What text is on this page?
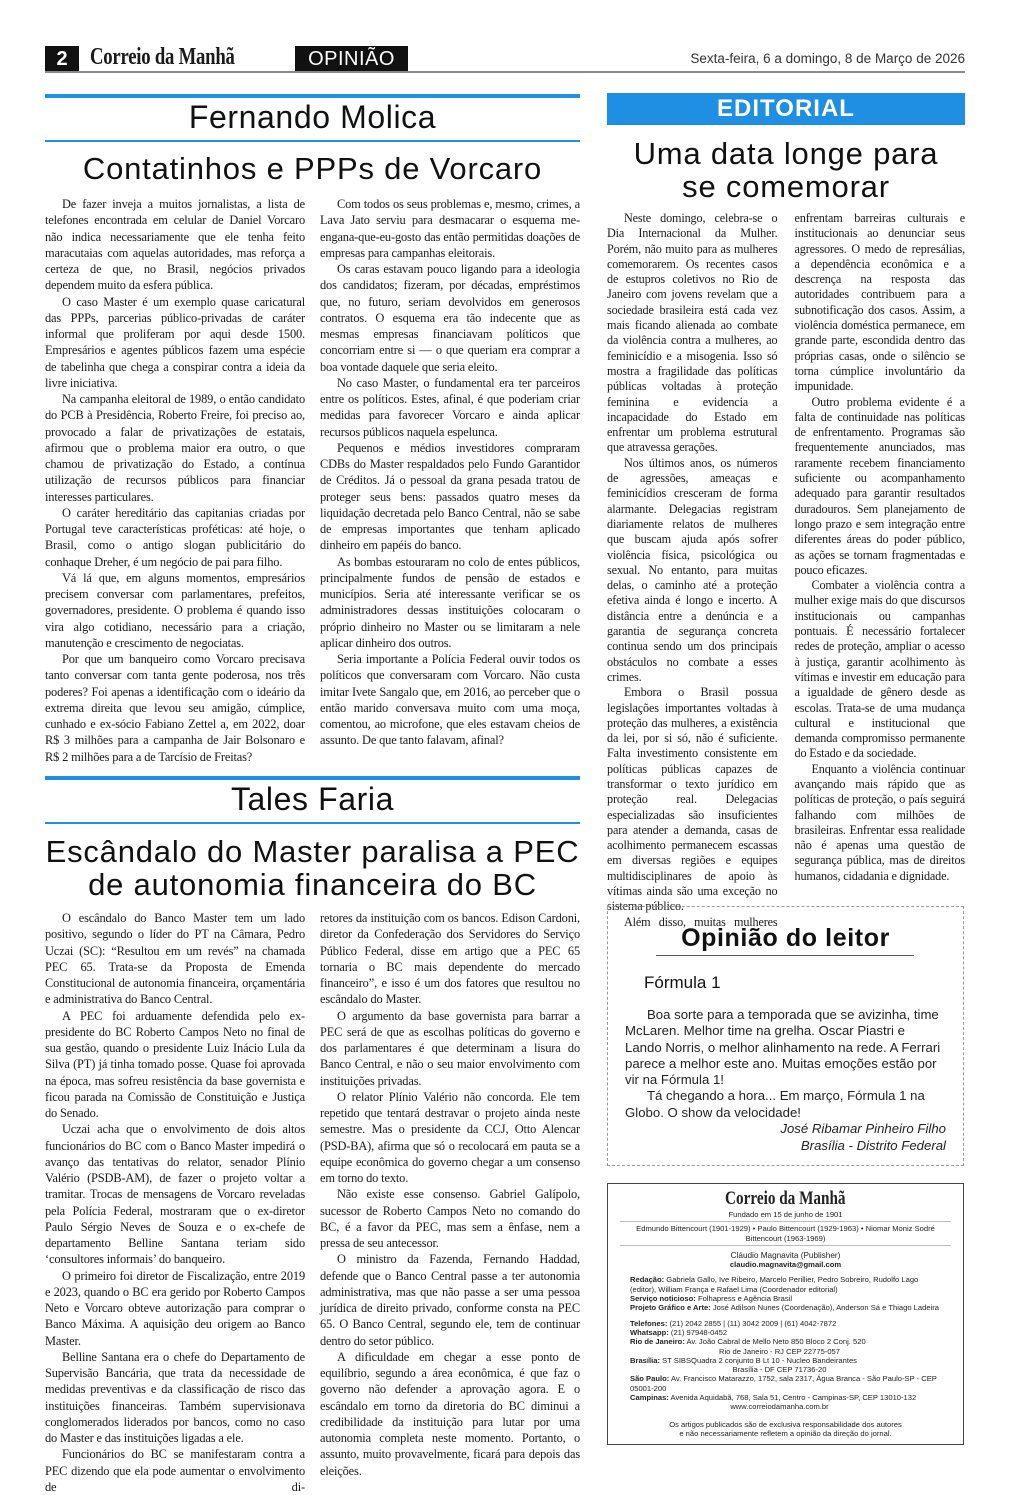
2 Correio da Manhã	OPINIÃO	Sexta-feira, 6 a domingo, 8 de Março de 2026
Fernando Molica
Contatinhos e PPPs de Vorcaro

De fazer inveja a muitos jornalistas, a lista de telefones encontrada em celular de Daniel Vorcaro não indica necessariamente que ele tenha feito maracutaias com aquelas autoridades, mas reforça a certeza de que, no Brasil, negócios privados dependem muito da esfera pública.

O caso Master é um exemplo quase caricatural das PPPs, parcerias público-privadas de caráter informal que proliferam por aqui desde 1500. Empresários e agentes públicos fazem uma espécie de tabelinha que chega a conspirar contra a ideia da livre iniciativa.

Na campanha eleitoral de 1989, o então candidato do PCB à Presidência, Roberto Freire, foi preciso ao, provocado a falar de privatizações de estatais, afirmou que o problema maior era outro, o que chamou de privatização do Estado, a contínua utilização de recursos públicos para financiar interesses particulares.

O caráter hereditário das capitanias criadas por Portugal teve características proféticas: até hoje, o Brasil, como o antigo slogan publicitário do conhaque Dreher, é um negócio de pai para filho.

Vá lá que, em alguns momentos, empresários precisem conversar com parlamentares, prefeitos, governadores, presidente. O problema é quando isso vira algo cotidiano, necessário para a criação, manutenção e crescimento de negociatas.

Por que um banqueiro como Vorcaro precisava tanto conversar com tanta gente poderosa, nos três poderes? Foi apenas a identificação com o ideário da extrema direita que levou seu amigão, cúmplice, cunhado e ex-sócio Fabiano Zettel a, em 2022, doar R$ 3 milhões para a campanha de Jair Bolsonaro e R$ 2 milhões para a de Tarcísio de Freitas?

Com todos os seus problemas e, mesmo, crimes, a Lava Jato serviu para desmacarar o esquema me-engana-que-eu-gosto das então permitidas doações de empresas para campanhas eleitorais.

Os caras estavam pouco ligando para a ideologia dos candidatos; fizeram, por décadas, empréstimos que, no futuro, seriam devolvidos em generosos contratos. O esquema era tão indecente que as mesmas empresas financiavam políticos que concorriam entre si — o que queriam era comprar a boa vontade daquele que seria eleito.

No caso Master, o fundamental era ter parceiros entre os políticos. Estes, afinal, é que poderiam criar medidas para favorecer Vorcaro e ainda aplicar recursos públicos naquela espelunca.

Pequenos e médios investidores compraram CDBs do Master respaldados pelo Fundo Garantidor de Créditos. Já o pessoal da grana pesada tratou de proteger seus bens: passados quatro meses da liquidação decretada pelo Banco Central, não se sabe de empresas importantes que tenham aplicado dinheiro em papéis do banco.

As bombas estouraram no colo de entes públicos, principalmente fundos de pensão de estados e municípios. Seria até interessante verificar se os administradores dessas instituições colocaram o próprio dinheiro no Master ou se limitaram a nele aplicar dinheiro dos outros.

Seria importante a Polícia Federal ouvir todos os políticos que conversaram com Vorcaro. Não custa imitar Ivete Sangalo que, em 2016, ao perceber que o então marido conversava muito com uma moça, comentou, ao microfone, que eles estavam cheios de assunto. De que tanto falavam, afinal?

EDITORIAL
Uma data longe para
se comemorar

Neste domingo, celebra-se o Dia Internacional da Mulher. Porém, não muito para as mulheres comemorarem. Os recentes casos de estupros coletivos no Rio de Janeiro com jovens revelam que a sociedade brasileira está cada vez mais ficando alienada ao combate da violência contra a mulheres, ao feminicídio e a misogenia. Isso só mostra a fragilidade das políticas públicas voltadas à proteção feminina e evidencia a incapacidade do Estado em enfrentar um problema estrutural que atravessa gerações.

Nos últimos anos, os números de agressões, ameaças e feminicídios cresceram de forma alarmante. Delegacias registram diariamente relatos de mulheres que buscam ajuda após sofrer violência física, psicológica ou sexual. No entanto, para muitas delas, o caminho até a proteção efetiva ainda é longo e incerto. A distância entre a denúncia e a garantia de segurança concreta continua sendo um dos principais obstáculos no combate a esses crimes.

Embora o Brasil possua legislações importantes voltadas à proteção das mulheres, a existência da lei, por si só, não é suficiente. Falta investimento consistente em políticas públicas capazes de transformar o texto jurídico em proteção real. Delegacias especializadas são insuficientes para atender a demanda, casas de acolhimento permanecem escassas em diversas regiões e equipes multidisciplinares de apoio às vítimas ainda são uma exceção no sistema público.

Além disso, muitas mulheres

enfrentam barreiras culturais e institucionais ao denunciar seus agressores. O medo de represálias, a dependência econômica e a descrença na resposta das autoridades contribuem para a subnotificação dos casos. Assim, a violência doméstica permanece, em grande parte, escondida dentro das próprias casas, onde o silêncio se torna cúmplice involuntário da impunidade.

Outro problema evidente é a falta de continuidade nas políticas de enfrentamento. Programas são frequentemente anunciados, mas raramente recebem financiamento suficiente ou acompanhamento adequado para garantir resultados duradouros. Sem planejamento de longo prazo e sem integração entre diferentes áreas do poder público, as ações se tornam fragmentadas e pouco eficazes.

Combater a violência contra a mulher exige mais do que discursos institucionais ou campanhas pontuais. É necessário fortalecer redes de proteção, ampliar o acesso à justiça, garantir acolhimento às vítimas e investir em educação para a igualdade de gênero desde as escolas. Trata-se de uma mudança cultural e institucional que demanda compromisso permanente do Estado e da sociedade.

Enquanto a violência continuar avançando mais rápido que as políticas de proteção, o país seguirá falhando com milhões de brasileiras. Enfrentar essa realidade não é apenas uma questão de segurança pública, mas de direitos humanos, cidadania e dignidade.

Tales Faria
Escândalo do Master paralisa a PEC
de autonomia financeira do BC

O escândalo do Banco Master tem um lado positivo, segundo o líder do PT na Câmara, Pedro Uczai (SC): “Resultou em um revés” na chamada PEC 65. Trata-se da Proposta de Emenda Constitucional de autonomia financeira, orçamentária e administrativa do Banco Central.

A PEC foi arduamente defendida pelo ex-presidente do BC Roberto Campos Neto no final de sua gestão, quando o presidente Luiz Inácio Lula da Silva (PT) já tinha tomado posse. Quase foi aprovada na época, mas sofreu resistência da base governista e ficou parada na Comissão de Constituição e Justiça do Senado.

Uczai acha que o envolvimento de dois altos funcionários do BC com o Banco Master impedirá o avanço das tentativas do relator, senador Plínio Valério (PSDB-AM), de fazer o projeto voltar a tramitar. Trocas de mensagens de Vorcaro reveladas pela Polícia Federal, mostraram que o ex-diretor Paulo Sérgio Neves de Souza e o ex-chefe de departamento Belline Santana teriam sido ‘consultores informais’ do banqueiro.

O primeiro foi diretor de Fiscalização, entre 2019 e 2023, quando o BC era gerido por Roberto Campos Neto e Vorcaro obteve autorização para comprar o Banco Máxima. A aquisição deu origem ao Banco Master.

Belline Santana era o chefe do Departamento de Supervisão Bancária, que trata da necessidade de medidas preventivas e da classificação de risco das instituições financeiras. Também supervisionava conglomerados liderados por bancos, como no caso do Master e das instituições ligadas a ele.

Funcionários do BC se manifestaram contra a PEC dizendo que ela pode aumentar o envolvimento de di-

retores da instituição com os bancos. Edison Cardoni, diretor da Confederação dos Servidores do Serviço Público Federal, disse em artigo que a PEC 65 tornaria o BC mais dependente do mercado financeiro”, e isso é um dos fatores que resultou no escândalo do Master.

O argumento da base governista para barrar a PEC será de que as escolhas políticas do governo e dos parlamentares é que determinam a lisura do Banco Central, e não o seu maior envolvimento com instituições privadas.

O relator Plínio Valério não concorda. Ele tem repetido que tentará destravar o projeto ainda neste semestre. Mas o presidente da CCJ, Otto Alencar (PSD-BA), afirma que só o recolocará em pauta se a equipe econômica do governo chegar a um consenso em torno do texto.

Não existe esse consenso. Gabriel Galípolo, sucessor de Roberto Campos Neto no comando do BC, é a favor da PEC, mas sem a ênfase, nem a pressa de seu antecessor.

O ministro da Fazenda, Fernando Haddad, defende que o Banco Central passe a ter autonomia administrativa, mas que não passe a ser uma pessoa jurídica de direito privado, conforme consta na PEC 65. O Banco Central, segundo ele, tem de continuar dentro do setor público.

A dificuldade em chegar a esse ponto de equilíbrio, segundo a área econômica, é que faz o governo não defender a aprovação agora. E o escândalo em torno da diretoria do BC diminui a credibilidade da instituição para lutar por uma autonomia completa neste momento. Portanto, o assunto, muito provavelmente, ficará para depois das eleições.

Opinião do leitor
Fórmula 1

Boa sorte para a temporada que se avizinha, time McLaren. Melhor time na grelha. Oscar Piastri e Lando Norris, o melhor alinhamento na rede. A Ferrari parece a melhor este ano. Muitas emoções estão por vir na Fórmula 1!

Tá chegando a hora... Em março, Fórmula 1 na Globo. O show da velocidade!

José Ribamar Pinheiro Filho
Brasília - Distrito Federal
Correio da Manhã
Fundado em 15 de junho de 1901
Edmundo Bittencourt (1901-1929) • Paulo Bittencourt (1929-1963) • Niomar Moniz Sodré Bittencourt (1963-1969)
Cláudio Magnavita (Publisher)
claudio.magnavita@gmail.com
Redação: Gabriela Gallo, Ive Ribeiro, Marcelo Perillier, Pedro Sobreiro, Rudolfo Lago
(editor), William França e Rafael Lima (Coordenador editorial)
Serviço noticioso: Folhapress e Agência Brasil
Projeto Gráfico e Arte: José Adilson Nunes (Coordenação), Anderson Sá e Thiago Ladeira
Telefones: (21) 2042 2855 | (11) 3042 2009 | (61) 4042-7872
Whatsapp: (21) 97948-0452
Rio de Janeiro: Av. João Cabral de Mello Neto 850 Bloco 2 Conj. 520
Rio de Janeiro - RJ CEP 22775-057
Brasília: ST SIBSQuadra 2 conjunto B Lt 10 - Nucleo Bandeirantes
Brasília - DF CEP 71736-20
São Paulo: Av. Francisco Matarazzo, 1752, sala 2317, Água Branca - São Paulo-SP - CEP 05001-200
Campinas: Avenida Aquidabã, 768, Sala 51, Centro - Campinas-SP, CEP 13010-132
www.correiodamanha.com.br
Os artigos publicados são de exclusiva responsabilidade dos autores
e não necessariamente refletem a opinião da direção do jornal.
